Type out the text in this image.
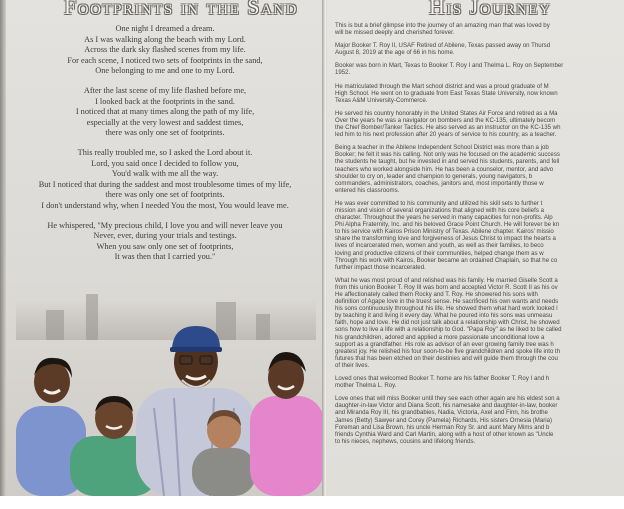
Footprints in the Sand

One night I dreamed a dream.
As I was walking along the beach with my Lord.
Across the dark sky flashed scenes from my life.
For each scene, I noticed two sets of footprints in the sand,
One belonging to me and one to my Lord.

After the last scene of my life flashed before me,
I looked back at the footprints in the sand.
I noticed that at many times along the path of my life,
especially at the very lowest and saddest times,
there was only one set of footprints.

This really troubled me, so I asked the Lord about it.
Lord, you said once I decided to follow you,
You'd walk with me all the way.
But I noticed that during the saddest and most troublesome times of my life,
there was only one set of footprints.
I don't understand why, when I needed You the most, You would leave me.

He whispered, "My precious child, I love you and will never leave you
Never, ever, during your trials and testings.
When you saw only one set of footprints,
It was then that I carried you."

His Journey

This is but a brief glimpse into the journey of an amazing man that was loved by
will be missed deeply and cherished forever.

Major Booker T. Roy II, USAF Retired of Abilene, Texas passed away on Thursd
August 8, 2019 at the age of 66 in his home.

Booker was born in Mart, Texas to Booker T. Roy I and Thelma L. Roy on September
1952.

He matriculated through the Mart school district and was a proud graduate of M
High School. He went on to graduate from East Texas State University, now known
Texas A&M University-Commerce.

He served his country honorably in the United States Air Force and retired as a Ma
Over the years he was a navigator on bombers and the KC-135, ultimately becom
the Chief Bomber/Tanker Tactics. He also served as an instructor on the KC-135 wh
led him to his next profession after 20 years of service to his country, as a teacher.

Being a teacher in the Abilene Independent School District was more than a job
Booker; he felt it was his calling. Not only was he focused on the academic success
the students he taught, but he invested in and served his students, parents, and fell
teachers who worked alongside him. He has been a counselor, mentor, and advo
shoulder to cry on, leader and champion to generals, young navigators, b
commanders, administrators, coaches, janitors and, most importantly those w
entered his classrooms.

He was ever committed to his community and utilized his skill sets to further t
mission and vision of several organizations that aligned with his core beliefs a
character. Throughout the years he served in many capacities for non-profits. Alp
Phi Alpha Fraternity, Inc. and his beloved Grace Point Church. He will forever be kn
to his service with Kairos Prison Ministry of Texas. Abilene chapter. Kairos' missio
share the transforming love and forgiveness of Jesus Christ to impact the hearts a
lives of incarcerated men, women and youth, as well as their families, to beco
loving and productive citizens of their communities, helped change them as w
Through his work with Kairos, Booker became an ordained Chaplain, so that he co
further impact those incarcerated.

What he was most proud of and relished was his family. He married Giselle Scott a
from this union Booker T. Roy III was born and accepted Victor R. Scott II as his ov
He affectionately called them Rocky and T. Roy. He showered his sons with
definition of Agape love in the truest sense. He sacrificed his own wants and needs
his sons continuously throughout his life. He showed them what hard work looked l
by teaching it and living it every day. What he poured into his sons was unmeasu
faith, hope and love. He did not just talk about a relationship with Christ, he showed
sons how to live a life with a relationship to God. "Papa Roy" as he liked to be called
his grandchildren, adored and applied a more passionate unconditional love a
support as a grandfather. His role as advisor of an ever growing family tree was h
greatest joy. He relished his four soon-to-be five grandchildren and spoke life into th
futures that has been etched on their destinies and will guide them through the cou
of their lives.

Loved ones that welcomed Booker T. home are his father Booker T. Roy I and h
mother Thelma L. Roy.

Love ones that will miss Booker until they see each other again are his eldest son a
daughter-in-law Victor and Diana Scott, his namesake and daughter-in-law, booker
and Miranda Roy III, his grandbabies, Nadia, Victoria, Axel and Finn, his brothe
James (Betty) Sawyer and Corey (Pamela) Richards, His sisters Ornesia (Maria)
Foreman and Lisa Brown, his uncle Herman Roy Sr. and aunt Mary Mims and b
friends Cynthia Ward and Carl Martin, along with a host of other known as "Uncle
to his nieces, nephews, cousins and lifelong friends.
